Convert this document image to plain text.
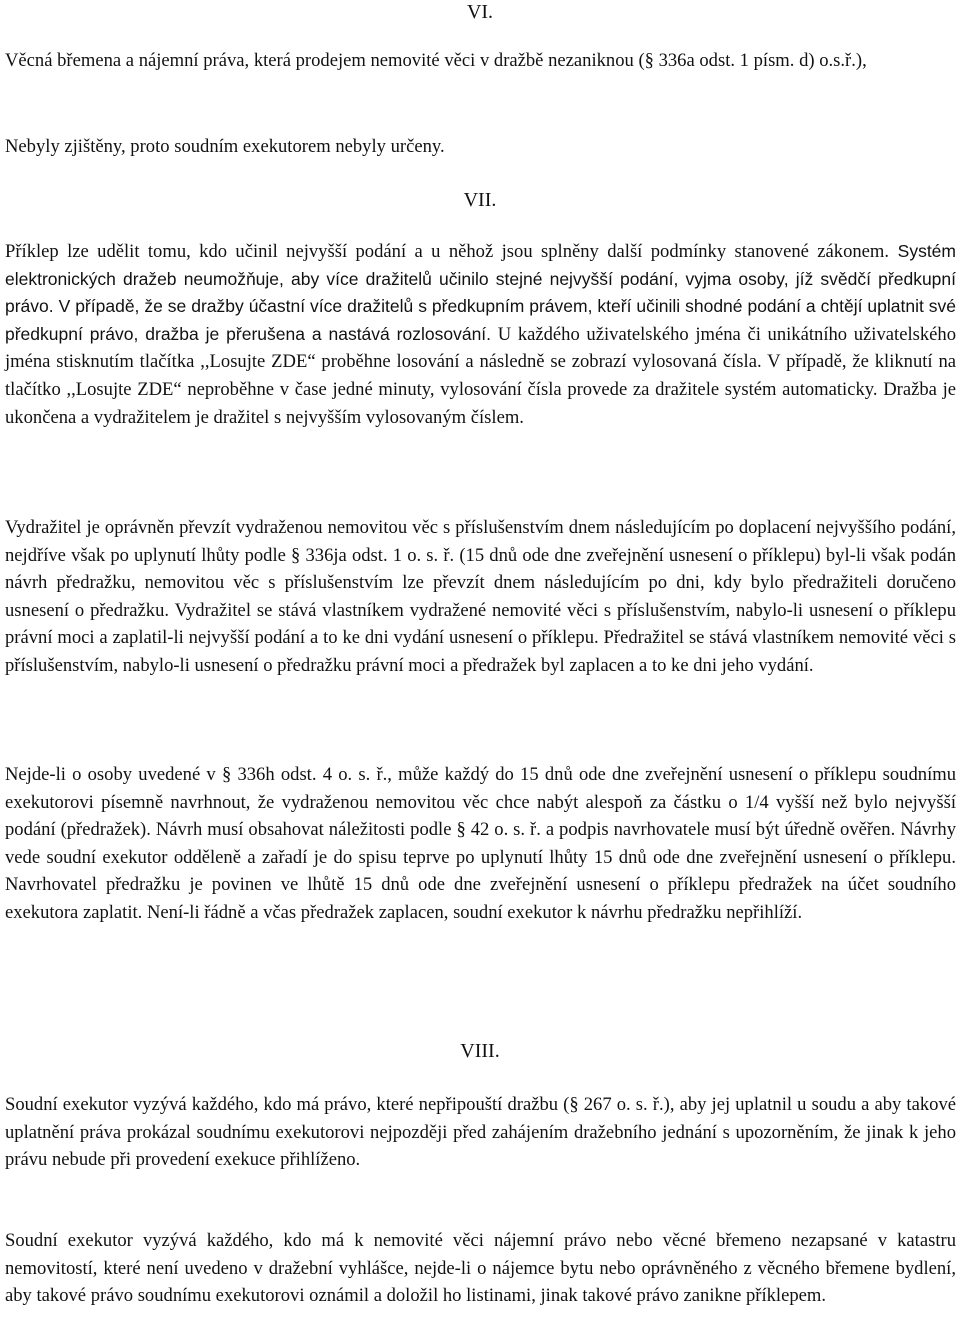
VI.

Věcná břemena a nájemní práva, která prodejem nemovité věci v dražbě nezaniknou (§ 336a odst. 1 písm. d) o.s.ř.),

Nebyly zjištěny, proto soudním exekutorem nebyly určeny.

VII.

Příklep lze udělit tomu, kdo učinil nejvyšší podání a u něhož jsou splněny další podmínky stanovené zákonem. Systém elektronických dražeb neumožňuje, aby více dražitelů učinilo stejné nejvyšší podání, vyjma osoby, jíž svědčí předkupní právo. V případě, že se dražby účastní více dražitelů s předkupním právem, kteří učinili shodné podání a chtějí uplatnit své předkupní právo, dražba je přerušena a nastává rozlosování. U každého uživatelského jména či unikátního uživatelského jména stisknutím tlačítka ,,Losujte ZDE“ proběhne losování a následně se zobrazí vylosovaná čísla. V případě, že kliknutí na tlačítko ,,Losujte ZDE“ neproběhne v čase jedné minuty, vylosování čísla provede za dražitele systém automaticky. Dražba je ukončena a vydražitelem je dražitel s nejvyšším vylosovaným číslem.

Vydražitel je oprávněn převzít vydraženou nemovitou věc s příslušenstvím dnem následujícím po doplacení nejvyššího podání, nejdříve však po uplynutí lhůty podle § 336ja odst. 1 o. s. ř. (15 dnů ode dne zveřejnění usnesení o příklepu) byl-li však podán návrh předražku, nemovitou věc s příslušenstvím lze převzít dnem následujícím po dni, kdy bylo předražiteli doručeno usnesení o předražku. Vydražitel se stává vlastníkem vydražené nemovité věci s příslušenstvím, nabylo-li usnesení o příklepu právní moci a zaplatil-li nejvyšší podání a to ke dni vydání usnesení o příklepu. Předražitel se stává vlastníkem nemovité věci s příslušenstvím, nabylo-li usnesení o předražku právní moci a předražek byl zaplacen a to ke dni jeho vydání.

Nejde-li o osoby uvedené v § 336h odst. 4 o. s. ř., může každý do 15 dnů ode dne zveřejnění usnesení o příklepu soudnímu exekutorovi písemně navrhnout, že vydraženou nemovitou věc chce nabýt alespoň za částku o 1/4 vyšší než bylo nejvyšší podání (předražek). Návrh musí obsahovat náležitosti podle § 42 o. s. ř. a podpis navrhovatele musí být úředně ověřen. Návrhy vede soudní exekutor odděleně a zařadí je do spisu teprve po uplynutí lhůty 15 dnů ode dne zveřejnění usnesení o příklepu. Navrhovatel předražku je povinen ve lhůtě 15 dnů ode dne zveřejnění usnesení o příklepu předražek na účet soudního exekutora zaplatit. Není-li řádně a včas předražek zaplacen, soudní exekutor k návrhu předražku nepřihlíží.

VIII.

Soudní exekutor vyzývá každého, kdo má právo, které nepřipouští dražbu (§ 267 o. s. ř.), aby jej uplatnil u soudu a aby takové uplatnění práva prokázal soudnímu exekutorovi nejpozději před zahájením dražebního jednání s upozorněním, že jinak k jeho právu nebude při provedení exekuce přihlíženo.

Soudní exekutor vyzývá každého, kdo má k nemovité věci nájemní právo nebo věcné břemeno nezapsané v katastru nemovitostí, které není uvedeno v dražební vyhlášce, nejde-li o nájemce bytu nebo oprávněného z věcného břemene bydlení, aby takové právo soudnímu exekutorovi oznámil a doložil ho listinami, jinak takové právo zanikne příklepem.
